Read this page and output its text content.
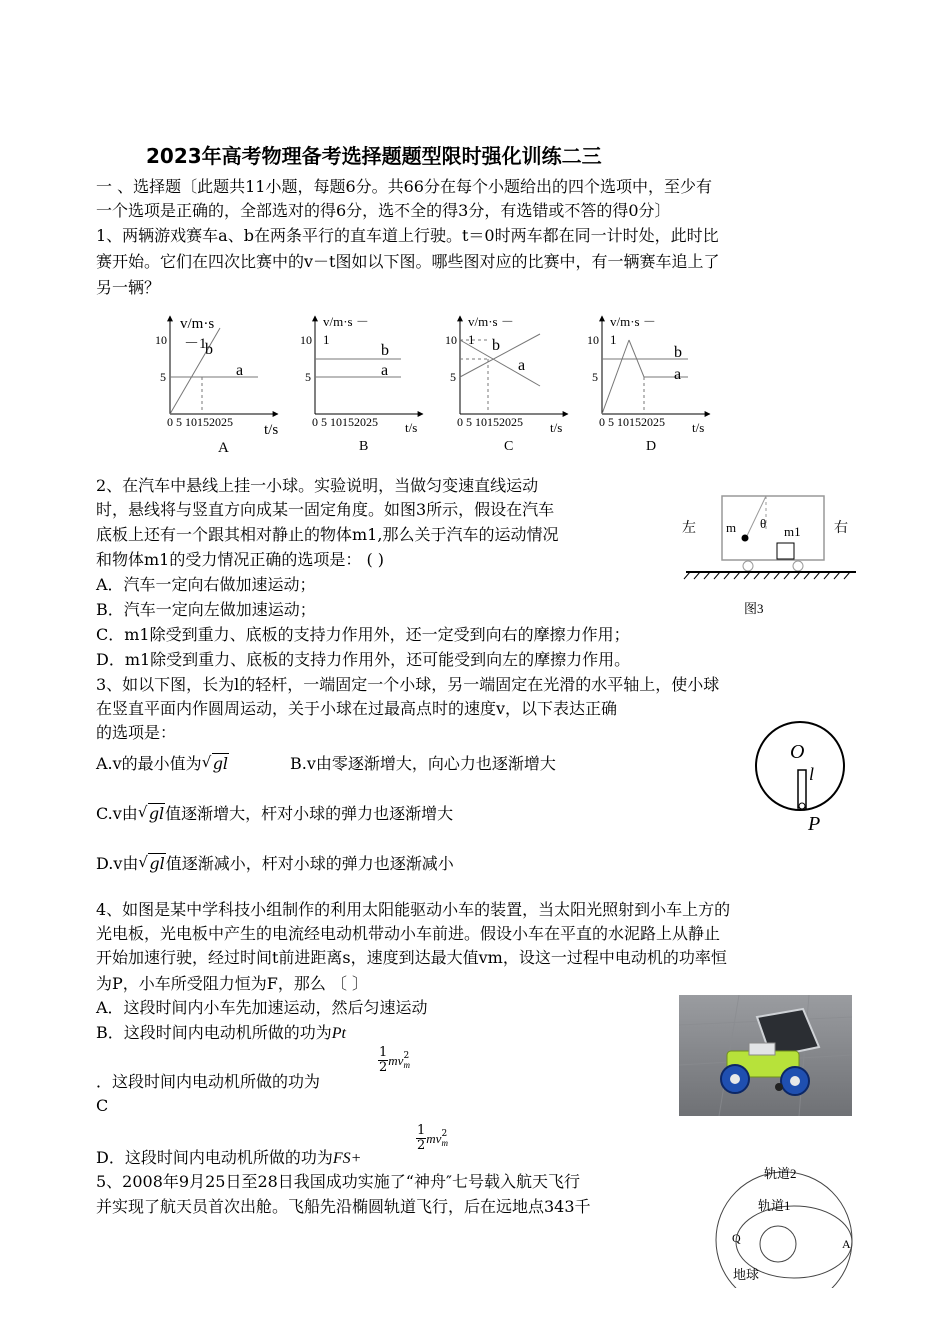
2023年高考物理备考选择题题型限时强化训练二三
一 、选择题〔此题共11小题，每题6分。共66分在每个小题给出的四个选项中，至少有
一个选项是正确的，全部选对的得6分，选不全的得3分，有选错或不答的得0分〕
1、两辆游戏赛车a、b在两条平行的直车道上行驶。t＝0时两车都在同一计时处，此时比
赛开始。它们在四次比赛中的v－t图如以下图。哪些图对应的比赛中，有一辆赛车追上了
另一辆？
v/m·s
－1
10
5
b
a
0 5 10152025 t/s
A
v/m·s －
1
10
5
b
a
0 5 10152025 t/s
B
v/m·s －
1
10
5
b
a
0 5 10152025 t/s
C
v/m·s －
1
10
5
b
a
0 5 10152025 t/s
D
2、在汽车中悬线上挂一小球。实验说明，当做匀变速直线运动
时，悬线将与竖直方向成某一固定角度。如图3所示，假设在汽车
底板上还有一个跟其相对静止的物体m1,那么关于汽车的运动情况
和物体m1的受力情况正确的选项是： ( )
A．汽车一定向右做加速运动；
B．汽车一定向左做加速运动；
C．m1除受到重力、底板的支持力作用外，还一定受到向右的摩擦力作用；
D．m1除受到重力、底板的支持力作用外，还可能受到向左的摩擦力作用。
左	右
m θ
m1
图3
3、如以下图，长为l的轻杆，一端固定一个小球，另一端固定在光滑的水平轴上，使小球
在竖直平面内作圆周运动，关于小球在过最高点时的速度v，以下表达正确
的选项是：
A.v的最小值为 √ gl	B.v由零逐渐增大，向心力也逐渐增大
C.v由 √ gl值逐渐增大，杆对小球的弹力也逐渐增大
D.v由 √ gl值逐渐减小，杆对小球的弹力也逐渐减小
O
l
P
4、如图是某中学科技小组制作的利用太阳能驱动小车的装置，当太阳光照射到小车上方的
光电板，光电板中产生的电流经电动机带动小车前进。假设小车在平直的水泥路上从静止
开始加速行驶，经过时间t前进距离s，速度到达最大值vm，设这一过程中电动机的功率恒
为P，小车所受阻力恒为F，那么 〔 〕
A．这段时间内小车先加速运动，然后匀速运动
B．这段时间内电动机所做的功为Pt
．这段时间内电动机所做的功为
$\frac{1}{2}$ mv 2
m
C
D．这段时间内电动机所做的功为FS+
$\frac{1}{2}$ mv 2
m
5、2008年9月25日至28日我国成功实施了“神舟″七号载入航天飞行
并实现了航天员首次出舱。飞船先沿椭圆轨道飞行，后在远地点343千
轨道2
轨道1
Q	A
地球
